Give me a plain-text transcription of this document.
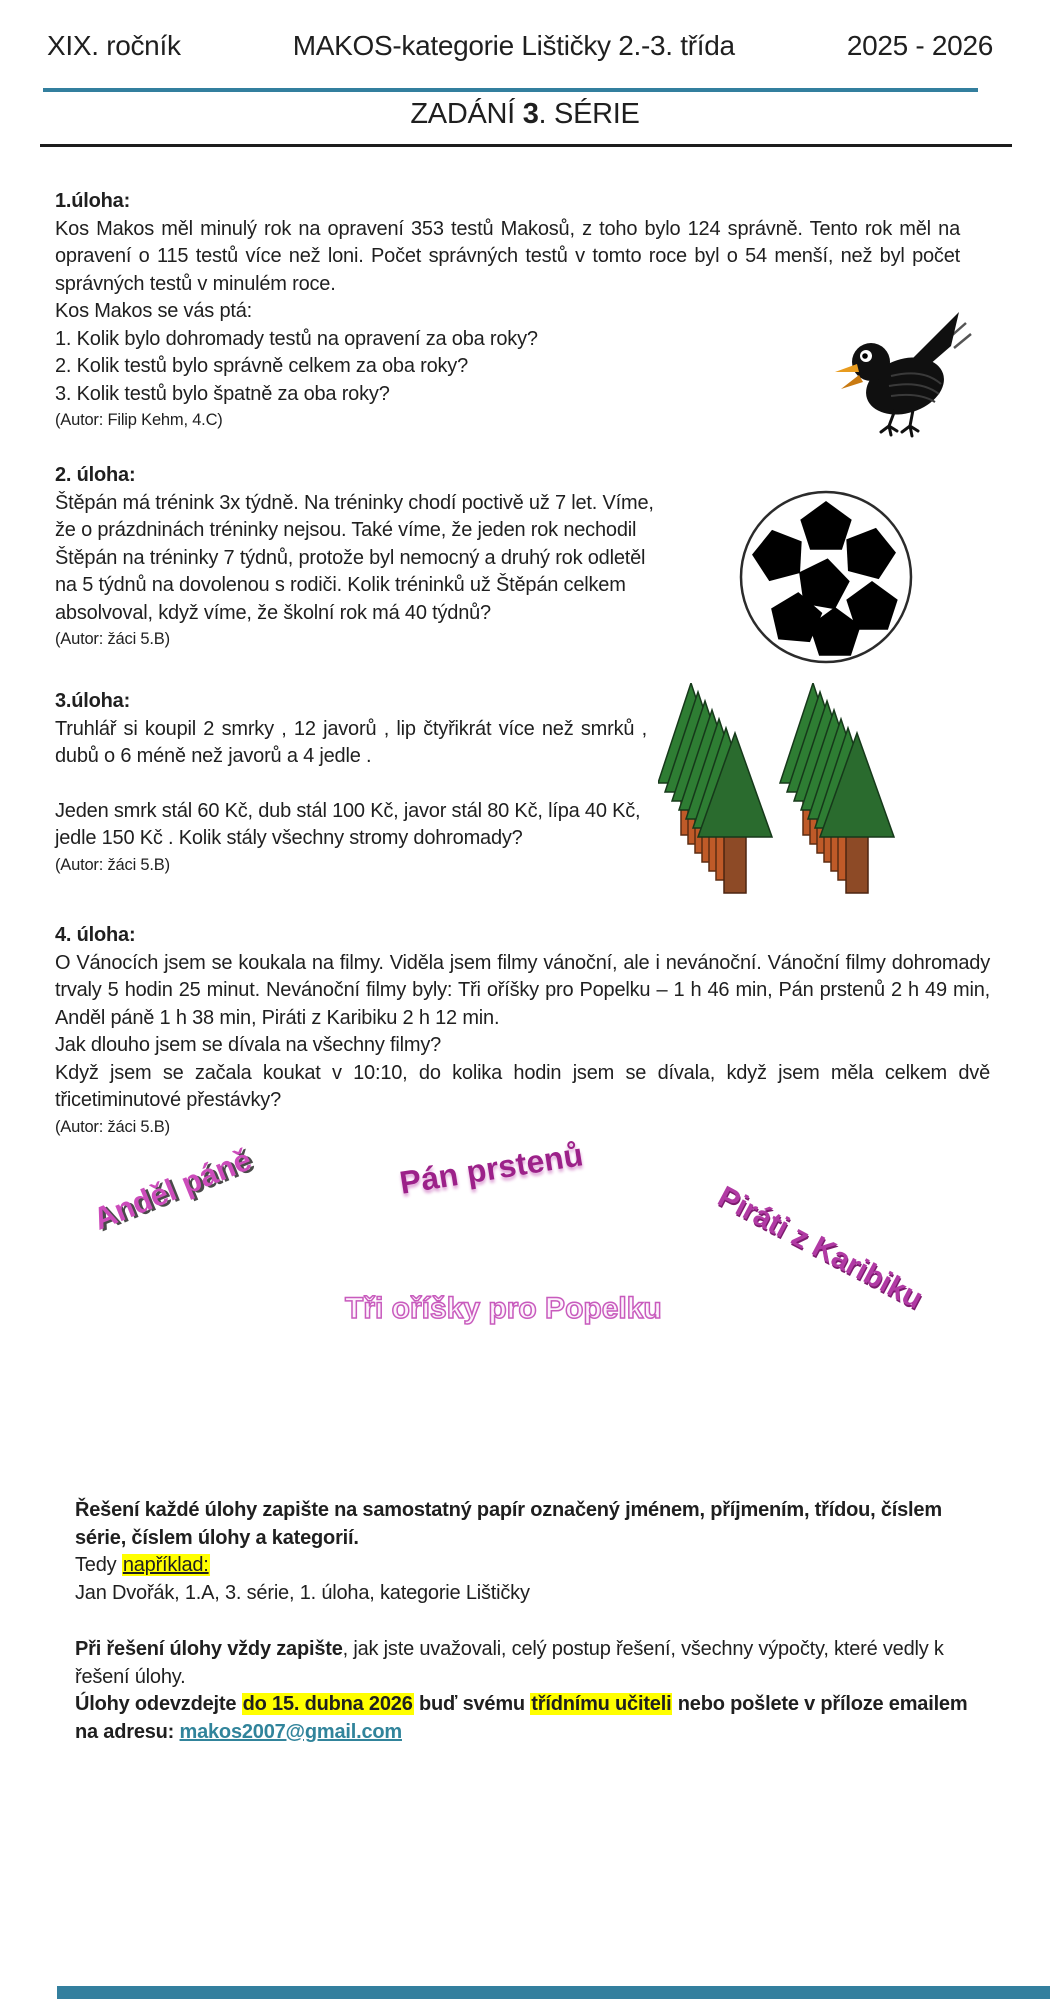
XIX. ročník	MAKOS-kategorie Lištičky 2.-3. třída	2025 - 2026
ZADÁNÍ 3. SÉRIE
1.úloha:

Kos Makos měl minulý rok na opravení 353 testů Makosů, z toho bylo 124 správně. Tento rok měl na opravení o 115 testů více než loni. Počet správných testů v tomto roce byl o 54 menší, než byl počet správných testů v minulém roce.

Kos Makos se vás ptá:

1. Kolik bylo dohromady testů na opravení za oba roky?

2. Kolik testů bylo správně celkem za oba roky?

3. Kolik testů bylo špatně za oba roky?

(Autor: Filip Kehm, 4.C)

2. úloha:

Štěpán má trénink 3x týdně. Na tréninky chodí poctivě už 7 let. Víme, že o prázdninách tréninky nejsou. Také víme, že jeden rok nechodil Štěpán na tréninky 7 týdnů, protože byl nemocný a druhý rok odletěl na 5 týdnů na dovolenou s rodiči. Kolik tréninků už Štěpán celkem absolvoval, když víme, že školní rok má 40 týdnů?

(Autor: žáci 5.B)

3.úloha:

Truhlář si koupil 2 smrky , 12 javorů , lip čtyřikrát více než smrků , dubů o 6 méně než javorů a 4 jedle .

Jeden smrk stál 60 Kč, dub stál 100 Kč, javor stál 80 Kč, lípa 40 Kč, jedle 150 Kč . Kolik stály všechny stromy dohromady?

(Autor: žáci 5.B)

4. úloha:

O Vánocích jsem se koukala na filmy. Viděla jsem filmy vánoční, ale i nevánoční. Vánoční filmy dohromady trvaly 5 hodin 25 minut. Nevánoční filmy byly: Tři oříšky pro Popelku – 1 h 46 min, Pán prstenů 2 h 49 min, Anděl páně 1 h 38 min, Piráti z Karibiku 2 h 12 min.

Jak dlouho jsem se dívala na všechny filmy?

Když jsem se začala koukat v 10:10, do kolika hodin jsem se dívala, když jsem měla celkem dvě třicetiminutové přestávky?

(Autor: žáci 5.B)

Anděl páně	Pán prstenů
Piráti z Karibiku
Tři oříšky pro Popelku

Řešení každé úlohy zapište na samostatný papír označený jménem, příjmením, třídou, číslem série, číslem úlohy a kategorií.

Tedy například:

Jan Dvořák, 1.A, 3. série, 1. úloha, kategorie Lištičky

Při řešení úlohy vždy zapište, jak jste uvažovali, celý postup řešení, všechny výpočty, které vedly k řešení úlohy.

Úlohy odevzdejte do 15. dubna 2026 buď svému třídnímu učiteli nebo pošlete v příloze emailem na adresu: makos2007@gmail.com
